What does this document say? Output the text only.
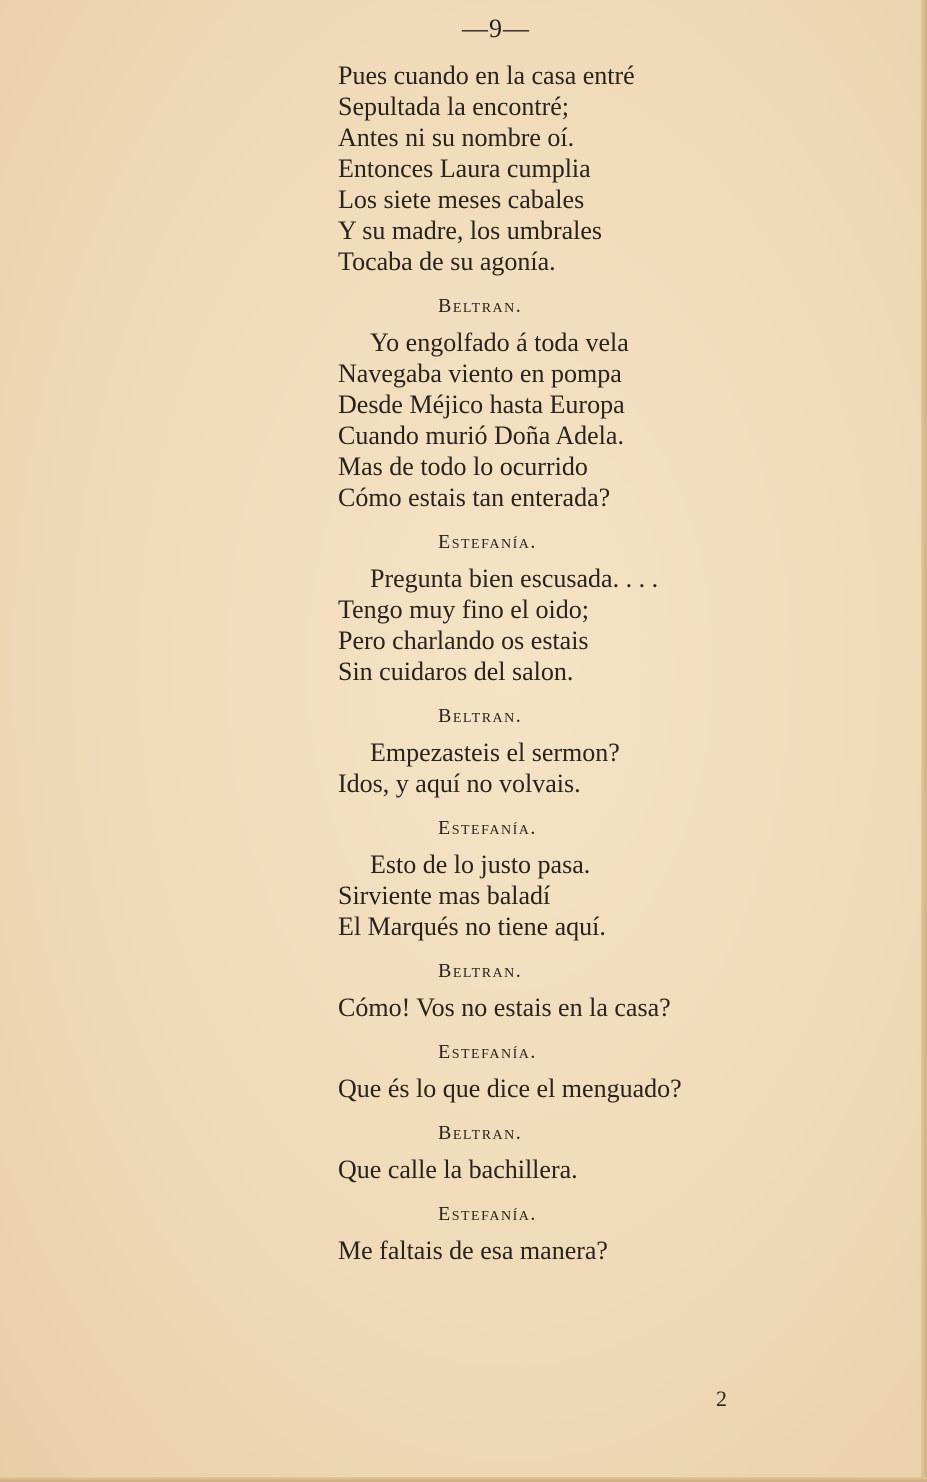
—9—
Pues cuando en la casa entré
Sepultada la encontré;
Antes ni su nombre oí.
Entonces Laura cumplia
Los siete meses cabales
Y su madre, los umbrales
Tocaba de su agonía.
Beltran.
Yo engolfado á toda vela
Navegaba viento en pompa
Desde Méjico hasta Europa
Cuando murió Doña Adela.
Mas de todo lo ocurrido
Cómo estais tan enterada?
Estefanía.
Pregunta bien escusada. . . .
Tengo muy fino el oido;
Pero charlando os estais
Sin cuidaros del salon.
Beltran.
Empezasteis el sermon?
Idos, y aquí no volvais.
Estefanía.
Esto de lo justo pasa.
Sirviente mas baladí
El Marqués no tiene aquí.
Beltran.
Cómo! Vos no estais en la casa?
Estefanía.
Que és lo que dice el menguado?
Beltran.
Que calle la bachillera.
Estefanía.
Me faltais de esa manera?
2
